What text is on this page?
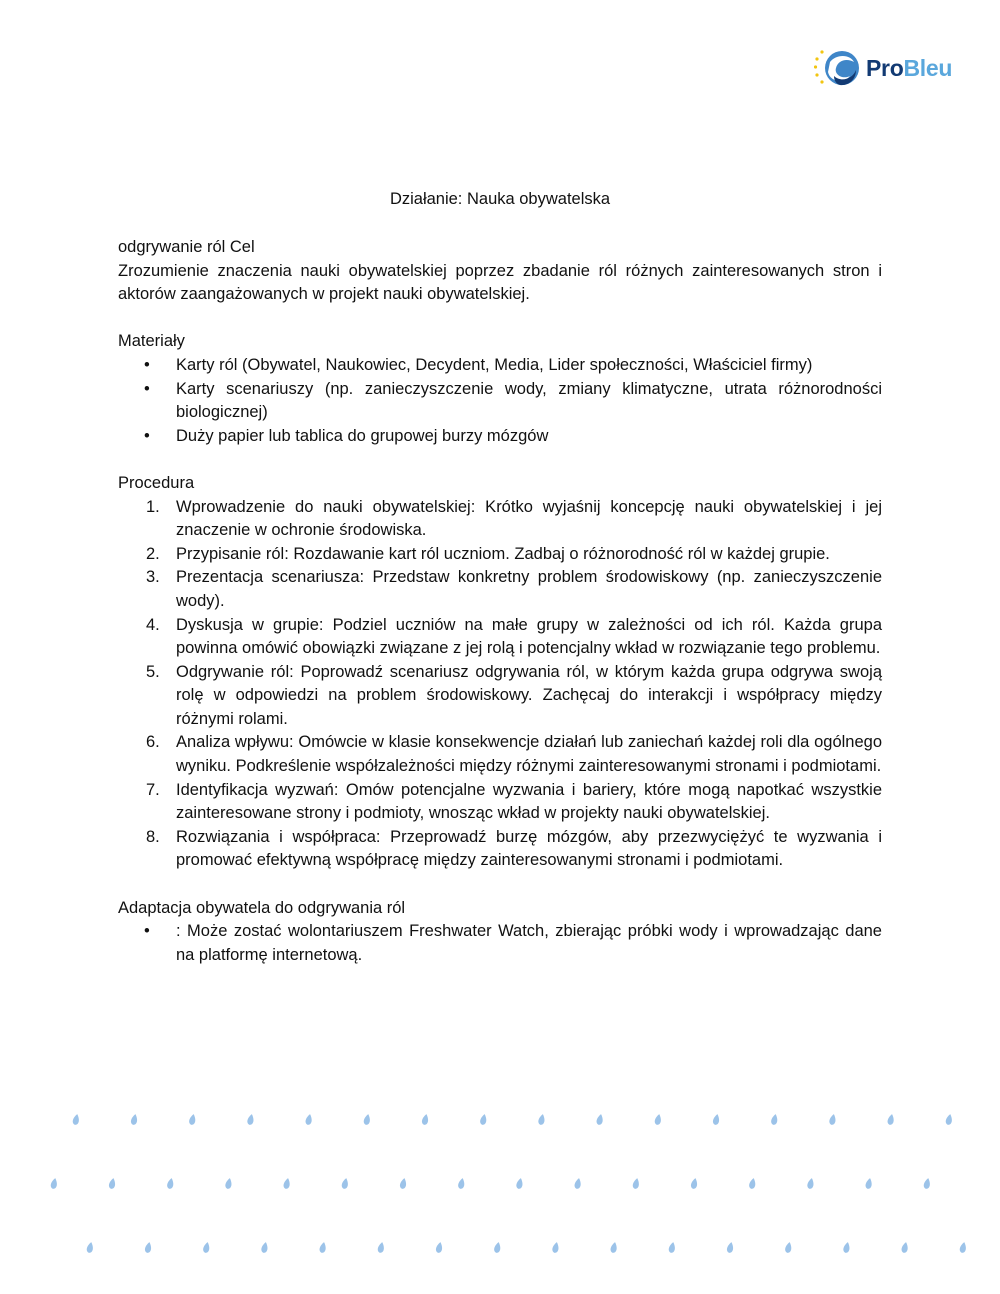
ProBleu
Działanie: Nauka obywatelska

odgrywanie ról Cel

Zrozumienie znaczenia nauki obywatelskiej poprzez zbadanie ról różnych zainteresowanych stron i aktorów zaangażowanych w projekt nauki obywatelskiej.

Materiały

• Karty ról (Obywatel, Naukowiec, Decydent, Media, Lider społeczności, Właściciel firmy)
• Karty scenariuszy (np. zanieczyszczenie wody, zmiany klimatyczne, utrata różnorodności biologicznej)
• Duży papier lub tablica do grupowej burzy mózgów

Procedura

1. Wprowadzenie do nauki obywatelskiej: Krótko wyjaśnij koncepcję nauki obywatelskiej i jej znaczenie w ochronie środowiska.
2. Przypisanie ról: Rozdawanie kart ról uczniom. Zadbaj o różnorodność ról w każdej grupie.
3. Prezentacja scenariusza: Przedstaw konkretny problem środowiskowy (np. zanieczyszczenie wody).
4. Dyskusja w grupie: Podziel uczniów na małe grupy w zależności od ich ról. Każda grupa powinna omówić obowiązki związane z jej rolą i potencjalny wkład w rozwiązanie tego problemu.
5. Odgrywanie ról: Poprowadź scenariusz odgrywania ról, w którym każda grupa odgrywa swoją rolę w odpowiedzi na problem środowiskowy. Zachęcaj do interakcji i współpracy między różnymi rolami.
6. Analiza wpływu: Omówcie w klasie konsekwencje działań lub zaniechań każdej roli dla ogólnego wyniku. Podkreślenie współzależności między różnymi zainteresowanymi stronami i podmiotami.
7. Identyfikacja wyzwań: Omów potencjalne wyzwania i bariery, które mogą napotkać wszystkie zainteresowane strony i podmioty, wnosząc wkład w projekty nauki obywatelskiej.
8. Rozwiązania i współpraca: Przeprowadź burzę mózgów, aby przezwyciężyć te wyzwania i promować efektywną współpracę między zainteresowanymi stronami i podmiotami.

Adaptacja obywatela do odgrywania ról

• : Może zostać wolontariuszem Freshwater Watch, zbierając próbki wody i wprowadzając dane na platformę internetową.
